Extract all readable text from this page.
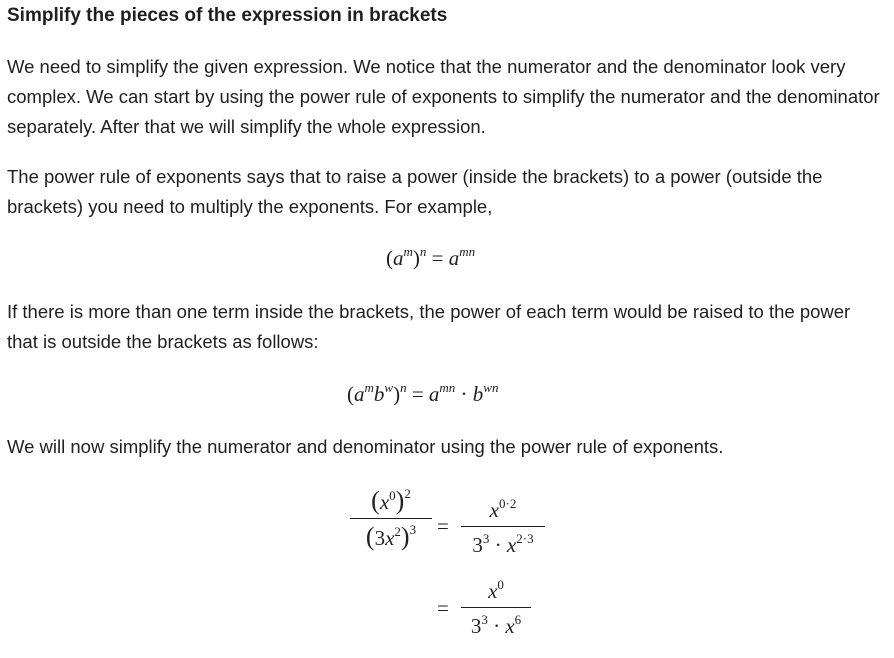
Simplify the pieces of the expression in brackets

We need to simplify the given expression. We notice that the numerator and the denominator look very complex. We can start by using the power rule of exponents to simplify the numerator and the denominator separately. After that we will simplify the whole expression.

The power rule of exponents says that to raise a power (inside the brackets) to a power (outside the brackets) you need to multiply the exponents. For example,

$(a^m)^n = a^{mn}$

If there is more than one term inside the brackets, the power of each term would be raised to the power that is outside the brackets as follows:

$(a^mb^w)^n = a^{mn} \cdot b^{wn}$

We will now simplify the numerator and denominator using the power rule of exponents.

$(x^0)^2$
$(3x^2)^3$ =
$x^{0\cdot 2}$
$3^3 \cdot x^{2\cdot 3}$
=
$x^0$
$3^3 \cdot x^6$
